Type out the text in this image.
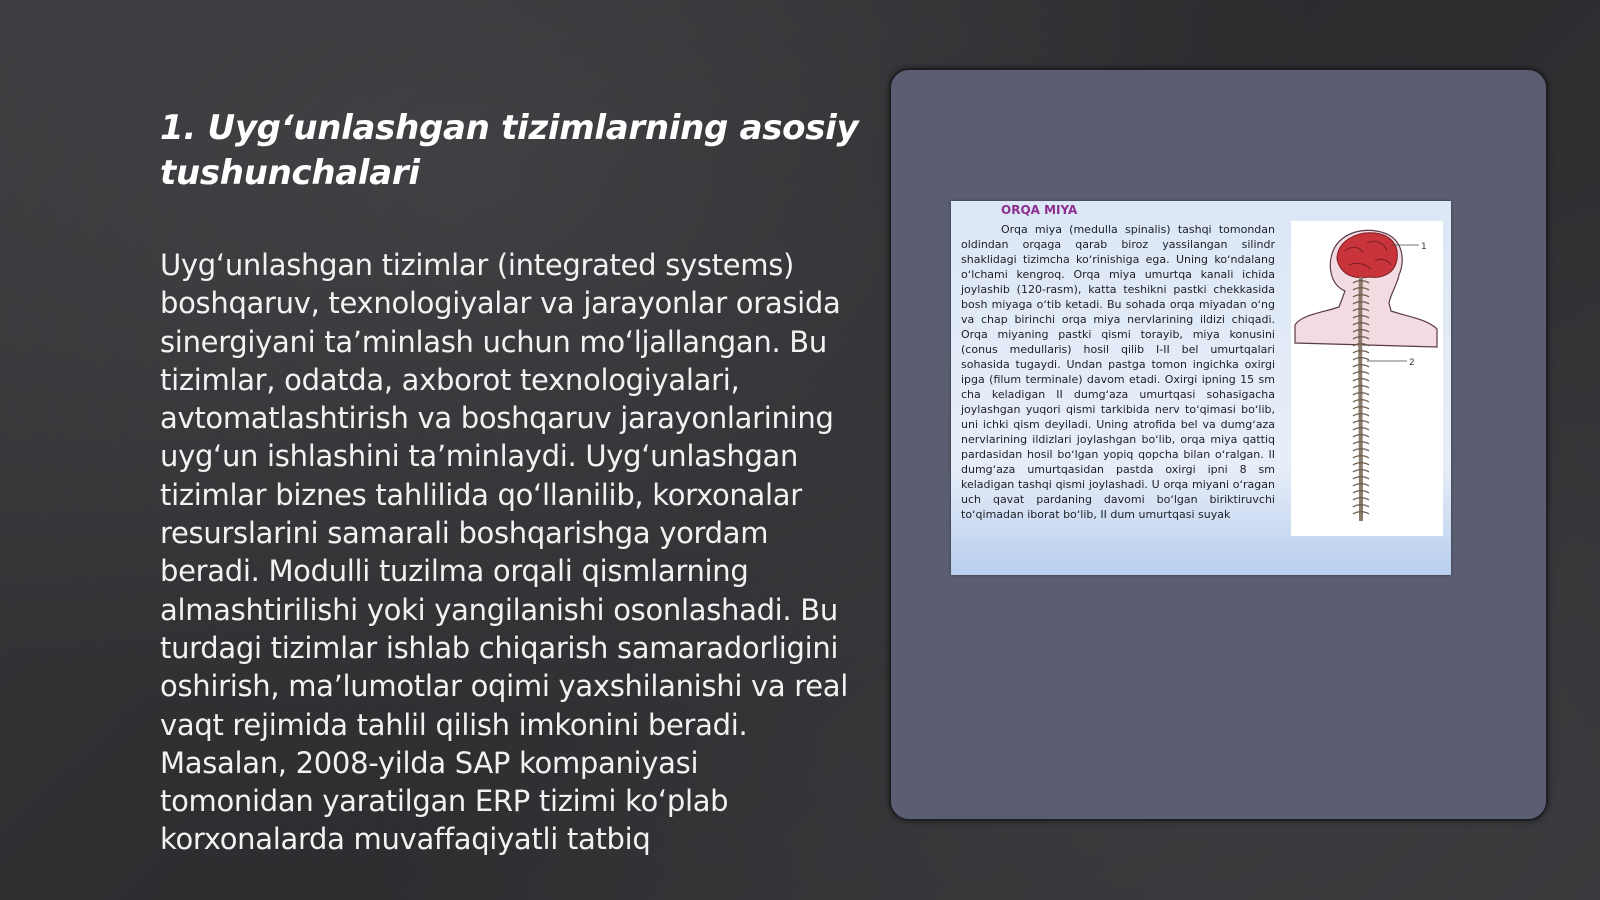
1. Uygʻunlashgan tizimlarning asosiy tushunchalari

Uygʻunlashgan tizimlar (integrated systems) boshqaruv, texnologiyalar va jarayonlar orasida sinergiyani taʼminlash uchun moʻljallangan. Bu tizimlar, odatda, axborot texnologiyalari, avtomatlashtirish va boshqaruv jarayonlarining uygʻun ishlashini taʼminlaydi. Uygʻunlashgan tizimlar biznes tahlilida qoʻllanilib, korxonalar resurslarini samarali boshqarishga yordam beradi. Modulli tuzilma orqali qismlarning almashtirilishi yoki yangilanishi osonlashadi. Bu turdagi tizimlar ishlab chiqarish samaradorligini oshirish, maʼlumotlar oqimi yaxshilanishi va real vaqt rejimida tahlil qilish imkonini beradi. Masalan, 2008-yilda SAP kompaniyasi tomonidan yaratilgan ERP tizimi koʻplab korxonalarda muvaffaqiyatli tatbiq

ORQA MIYA

Orqa miya (medulla spinalis) tashqi tomondan oldindan orqaga qarab biroz yassilangan silindr shaklidagi tizimcha koʻrinishiga ega. Uning koʻndalang oʻlchami kengroq. Orqa miya umurtqa kanali ichida joylashib (120-rasm), katta teshikni pastki chekkasida bosh miyaga oʻtib ketadi. Bu sohada orqa miyadan oʻng va chap birinchi orqa miya nervlarining ildizi chiqadi. Orqa miyaning pastki qismi torayib, miya konusini (conus medullaris) hosil qilib I-II bel umurtqalari sohasida tugaydi. Undan pastga tomon ingichka oxirgi ipga (filum terminale) davom etadi. Oxirgi ipning 15 sm cha keladigan II dumgʻaza umurtqasi sohasigacha joylashgan yuqori qismi tarkibida nerv toʻqimasi boʻlib, uni ichki qism deyiladi. Uning atrofida bel va dumgʻaza nervlarining ildizlari joylashgan boʻlib, orqa miya qattiq pardasidan hosil boʻlgan yopiq qopcha bilan oʻralgan. II dumgʻaza umurtqasidan pastda oxirgi ipni 8 sm keladigan tashqi qismi joylashadi. U orqa miyani oʻragan uch qavat pardaning davomi boʻlgan biriktiruvchi toʻqimadan iborat boʻlib, II dum umurtqasi suyak

1
2
